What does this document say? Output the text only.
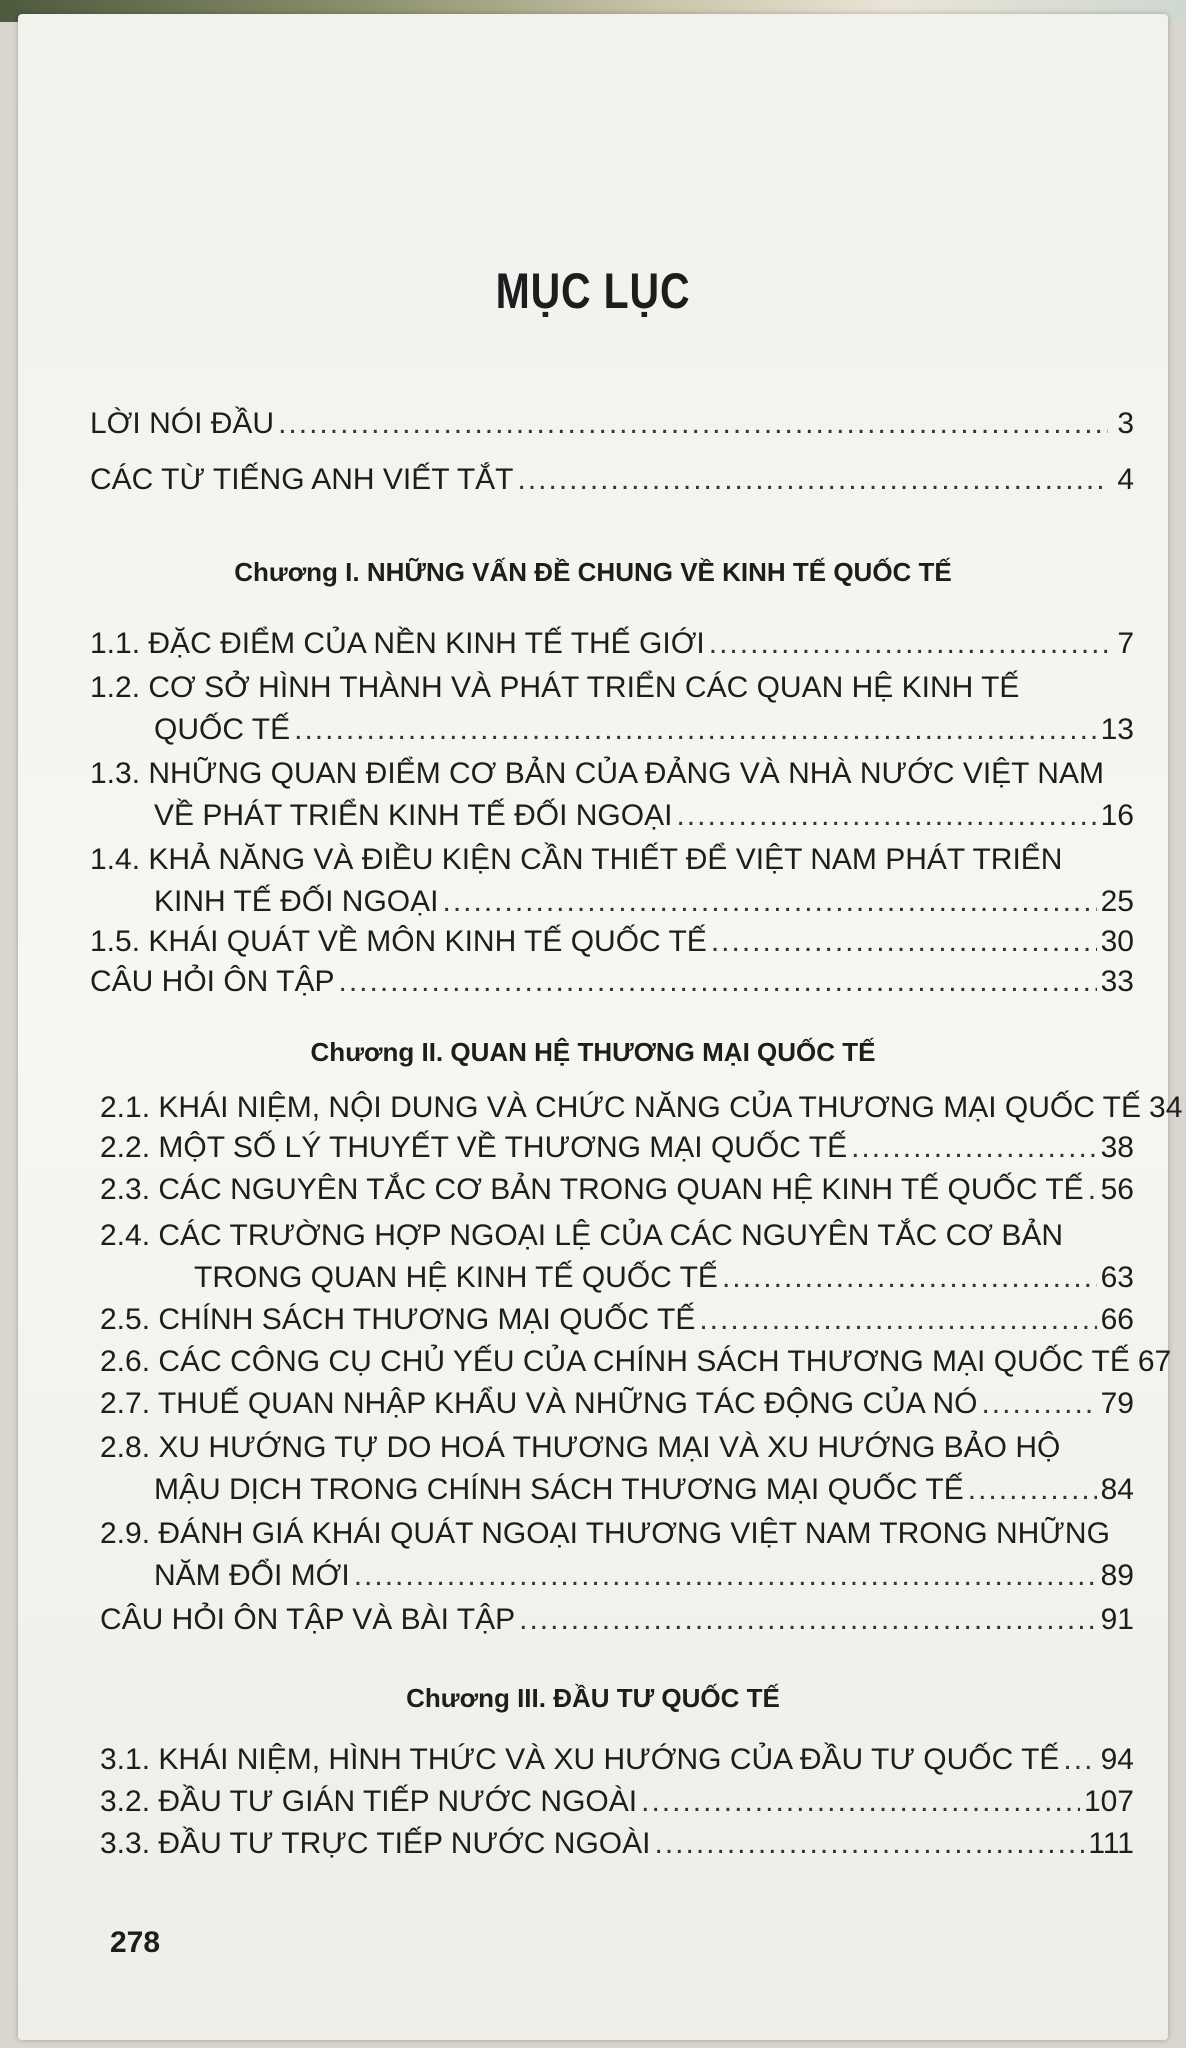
MỤC LỤC
LỜI NÓI ĐẦU .....	3
CÁC TỪ TIẾNG ANH VIẾT TẮT .....	4
Chương I. NHỮNG VẤN ĐỀ CHUNG VỀ KINH TẾ QUỐC TẾ
1.1. ĐẶC ĐIỂM CỦA NỀN KINH TẾ THẾ GIỚI .....	7
1.2. CƠ SỞ HÌNH THÀNH VÀ PHÁT TRIỂN CÁC QUAN HỆ KINH TẾ
QUỐC TẾ .....	13
1.3. NHỮNG QUAN ĐIỂM CƠ BẢN CỦA ĐẢNG VÀ NHÀ NƯỚC VIỆT NAM
VỀ PHÁT TRIỂN KINH TẾ ĐỐI NGOẠI .....	16
1.4. KHẢ NĂNG VÀ ĐIỀU KIỆN CẦN THIẾT ĐỂ VIỆT NAM PHÁT TRIỂN
KINH TẾ ĐỐI NGOẠI .....	25
1.5. KHÁI QUÁT VỀ MÔN KINH TẾ QUỐC TẾ .....	30
CÂU HỎI ÔN TẬP .....	33
Chương II. QUAN HỆ THƯƠNG MẠI QUỐC TẾ
2.1. KHÁI NIỆM, NỘI DUNG VÀ CHỨC NĂNG CỦA THƯƠNG MẠI QUỐC TẾ 34
2.2. MỘT SỐ LÝ THUYẾT VỀ THƯƠNG MẠI QUỐC TẾ .....	38
2.3. CÁC NGUYÊN TẮC CƠ BẢN TRONG QUAN HỆ KINH TẾ QUỐC TẾ ..... 56
2.4. CÁC TRƯỜNG HỢP NGOẠI LỆ CỦA CÁC NGUYÊN TẮC CƠ BẢN
TRONG QUAN HỆ KINH TẾ QUỐC TẾ .....	63
2.5. CHÍNH SÁCH THƯƠNG MẠI QUỐC TẾ .....	66
2.6. CÁC CÔNG CỤ CHỦ YẾU CỦA CHÍNH SÁCH THƯƠNG MẠI QUỐC TẾ 67
2.7. THUẾ QUAN NHẬP KHẨU VÀ NHỮNG TÁC ĐỘNG CỦA NÓ .....	79
2.8. XU HƯỚNG TỰ DO HOÁ THƯƠNG MẠI VÀ XU HƯỚNG BẢO HỘ
MẬU DỊCH TRONG CHÍNH SÁCH THƯƠNG MẠI QUỐC TẾ .....	84
2.9. ĐÁNH GIÁ KHÁI QUÁT NGOẠI THƯƠNG VIỆT NAM TRONG NHỮNG
NĂM ĐỔI MỚI .....	89
CÂU HỎI ÔN TẬP VÀ BÀI TẬP .....	91
Chương III. ĐẦU TƯ QUỐC TẾ
3.1. KHÁI NIỆM, HÌNH THỨC VÀ XU HƯỚNG CỦA ĐẦU TƯ QUỐC TẾ ..... 94
3.2. ĐẦU TƯ GIÁN TIẾP NƯỚC NGOÀI .....	107
3.3. ĐẦU TƯ TRỰC TIẾP NƯỚC NGOÀI .....	111
278
